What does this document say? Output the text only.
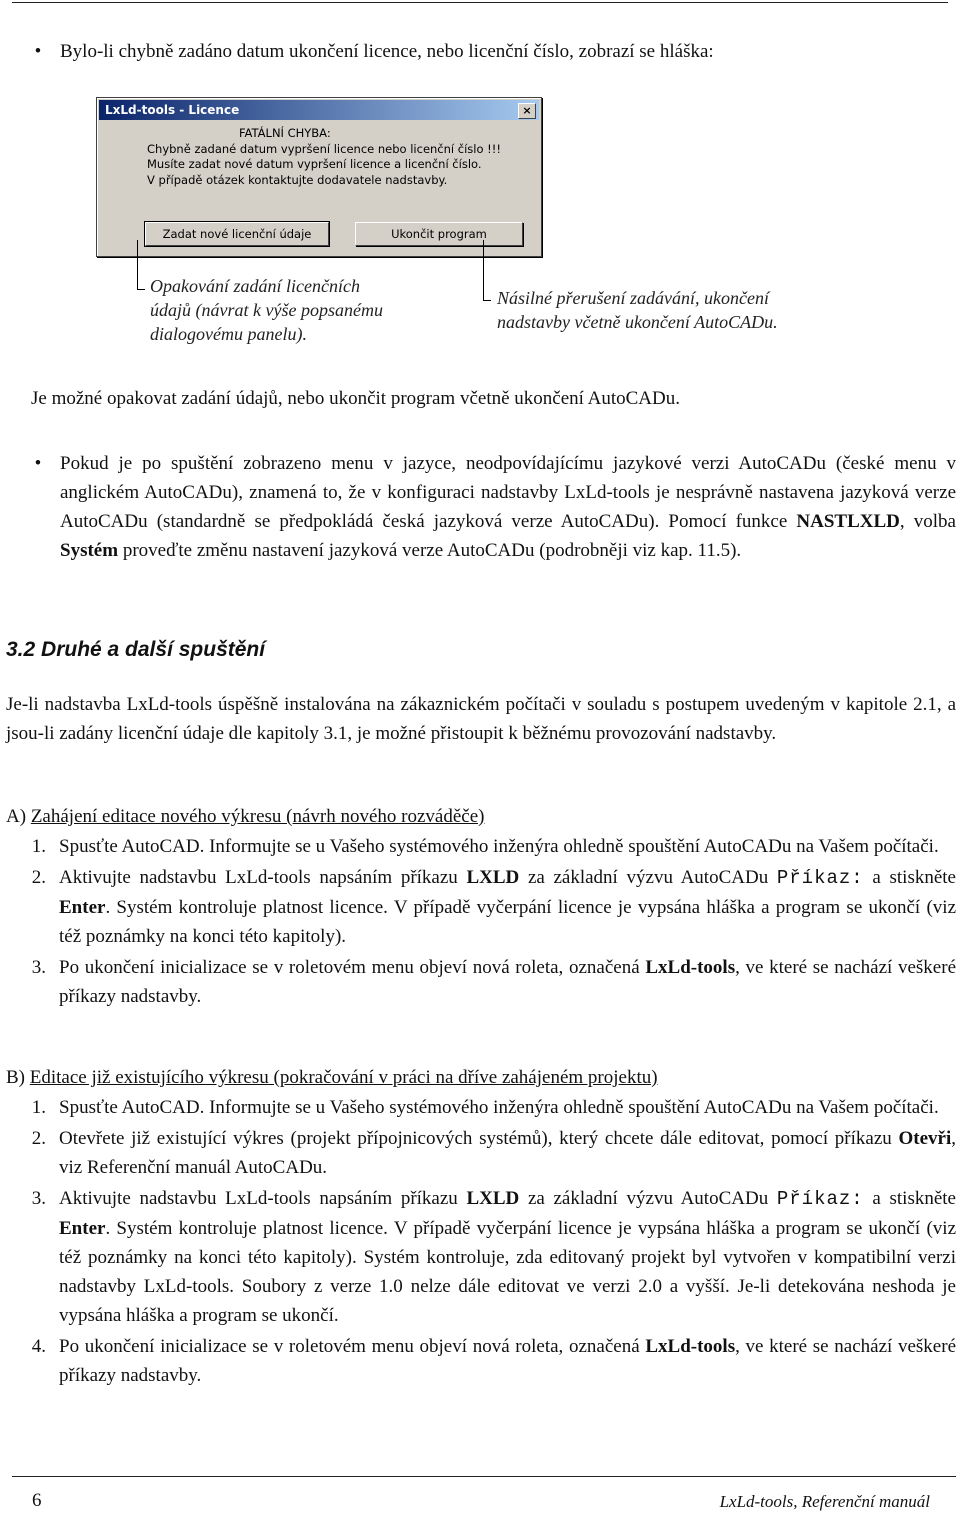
• Bylo-li chybně zadáno datum ukončení licence, nebo licenční číslo, zobrazí se hláška:
LxLd-tools - Licence	×
FATÁLNÍ CHYBA:
Chybně zadané datum vypršení licence nebo licenční číslo !!!
Musíte zadat nové datum vypršení licence a licenční číslo.
V případě otázek kontaktujte dodavatele nadstavby.
Zadat nové licenční údaje	Ukončit program
Opakování zadání licenčních
údajů (návrat k výše popsanému
dialogovému panelu).
Násilné přerušení zadávání, ukončení
nadstavby včetně ukončení AutoCADu.
Je možné opakovat zadání údajů, nebo ukončit program včetně ukončení AutoCADu.
• Pokud je po spuštění zobrazeno menu v jazyce, neodpovídajícímu jazykové verzi AutoCADu (české menu v anglickém AutoCADu), znamená to, že v konfiguraci nadstavby LxLd-tools je nesprávně nastavena jazyková verze AutoCADu (standardně se předpokládá česká jazyková verze AutoCADu). Pomocí funkce NASTLXLD, volba Systém proveďte změnu nastavení jazyková verze AutoCADu (podrobněji viz kap. 11.5).
3.2 Druhé a další spuštění
Je-li nadstavba LxLd-tools úspěšně instalována na zákaznickém počítači v souladu s postupem uvedeným v kapitole 2.1, a jsou-li zadány licenční údaje dle kapitoly 3.1, je možné přistoupit k běžnému provozování nadstavby.
A) Zahájení editace nového výkresu (návrh nového rozváděče)
1. Spusťte AutoCAD. Informujte se u Vašeho systémového inženýra ohledně spouštění AutoCADu na Vašem počítači.
2. Aktivujte nadstavbu LxLd-tools napsáním příkazu LXLD za základní výzvu AutoCADu Příkaz: a stiskněte Enter. Systém kontroluje platnost licence. V případě vyčerpání licence je vypsána hláška a program se ukončí (viz též poznámky na konci této kapitoly).
3. Po ukončení inicializace se v roletovém menu objeví nová roleta, označená LxLd-tools, ve které se nachází veškeré příkazy nadstavby.
B) Editace již existujícího výkresu (pokračování v práci na dříve zahájeném projektu)
1. Spusťte AutoCAD. Informujte se u Vašeho systémového inženýra ohledně spouštění AutoCADu na Vašem počítači.
2. Otevřete již existující výkres (projekt přípojnicových systémů), který chcete dále editovat, pomocí příkazu Otevři, viz Referenční manuál AutoCADu.
3. Aktivujte nadstavbu LxLd-tools napsáním příkazu LXLD za základní výzvu AutoCADu Příkaz: a stiskněte Enter. Systém kontroluje platnost licence. V případě vyčerpání licence je vypsána hláška a program se ukončí (viz též poznámky na konci této kapitoly). Systém kontroluje, zda editovaný projekt byl vytvořen v kompatibilní verzi nadstavby LxLd-tools. Soubory z verze 1.0 nelze dále editovat ve verzi 2.0 a vyšší. Je-li detekována neshoda je vypsána hláška a program se ukončí.
4. Po ukončení inicializace se v roletovém menu objeví nová roleta, označená LxLd-tools, ve které se nachází veškeré příkazy nadstavby.
6	LxLd-tools, Referenční manuál
